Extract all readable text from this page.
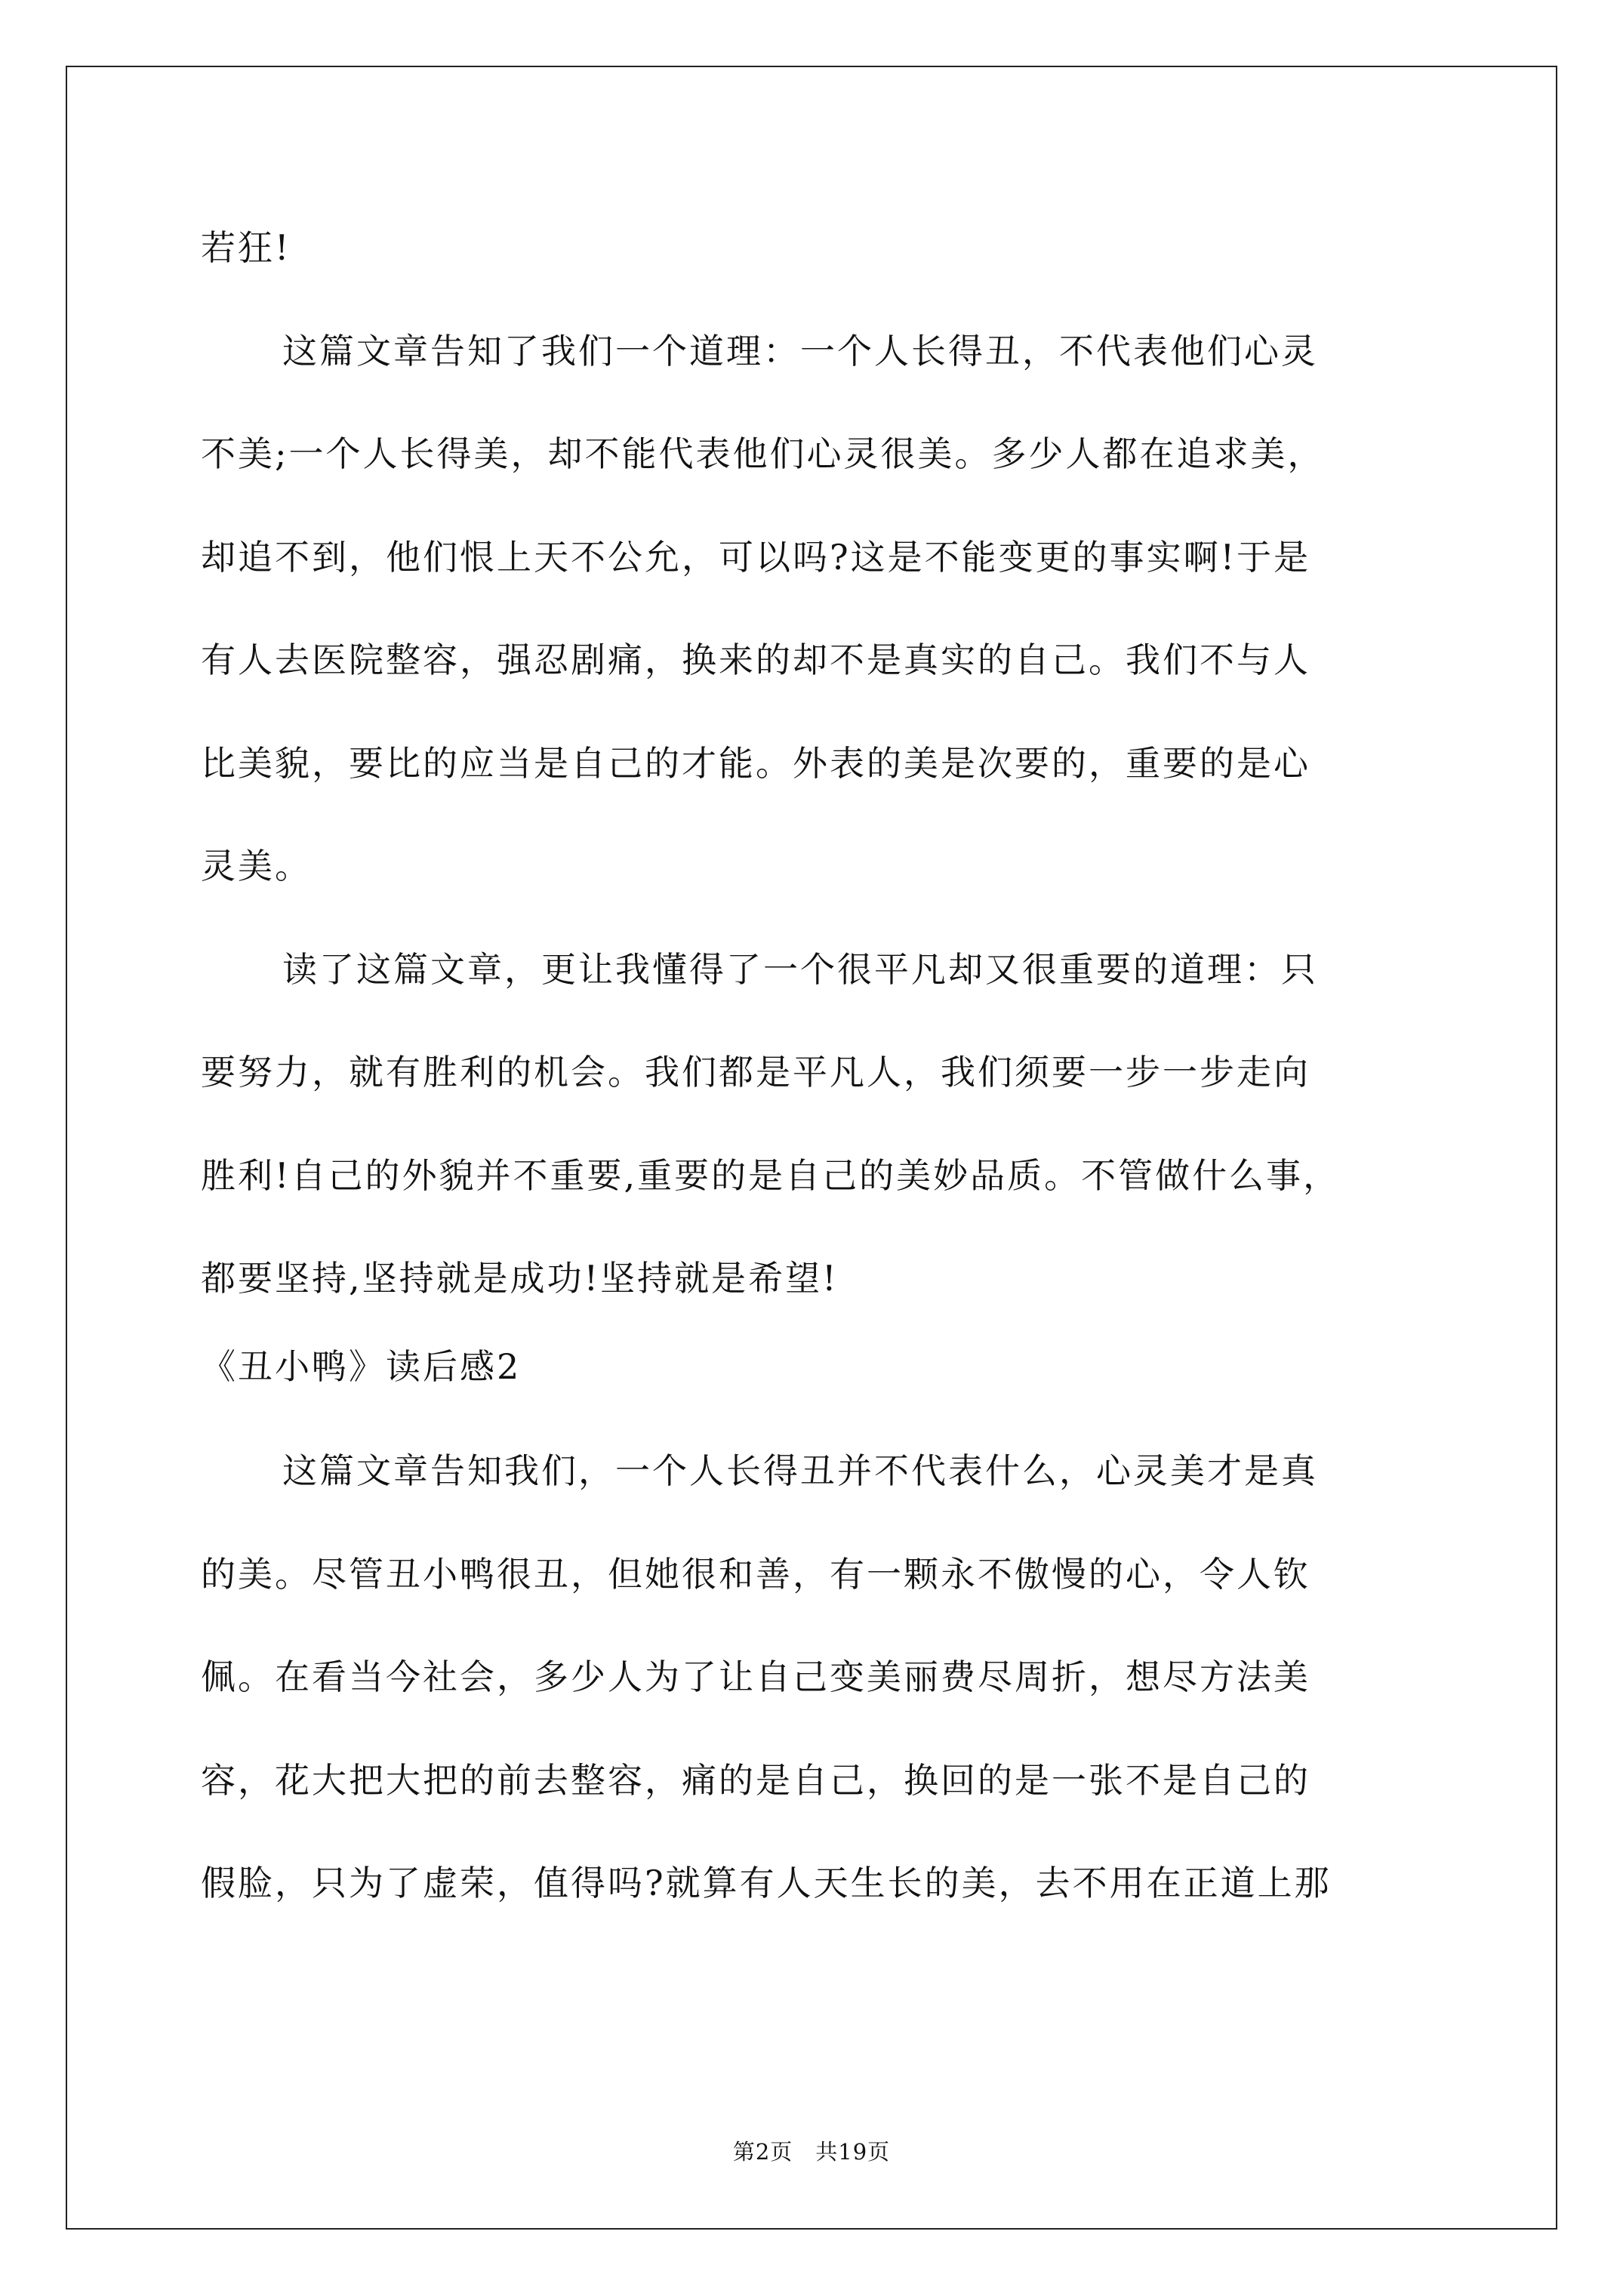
若狂!
这篇文章告知了我们一个道理：一个人长得丑，不代表他们心灵
不美;一个人长得美，却不能代表他们心灵很美。多少人都在追求美，
却追不到，他们恨上天不公允，可以吗?这是不能变更的事实啊!于是
有人去医院整容，强忍剧痛，换来的却不是真实的自己。我们不与人
比美貌，要比的应当是自己的才能。外表的美是次要的，重要的是心
灵美。
读了这篇文章，更让我懂得了一个很平凡却又很重要的道理：只
要努力，就有胜利的机会。我们都是平凡人，我们须要一步一步走向
胜利!自己的外貌并不重要,重要的是自己的美妙品质。不管做什么事，
都要坚持,坚持就是成功!坚持就是希望!
《丑小鸭》读后感2
这篇文章告知我们，一个人长得丑并不代表什么，心灵美才是真
的美。尽管丑小鸭很丑，但她很和善，有一颗永不傲慢的心，令人钦
佩。在看当今社会，多少人为了让自己变美丽费尽周折，想尽方法美
容，花大把大把的前去整容，痛的是自己，换回的是一张不是自己的
假脸，只为了虚荣，值得吗?就算有人天生长的美，去不用在正道上那
第2页　共19页
